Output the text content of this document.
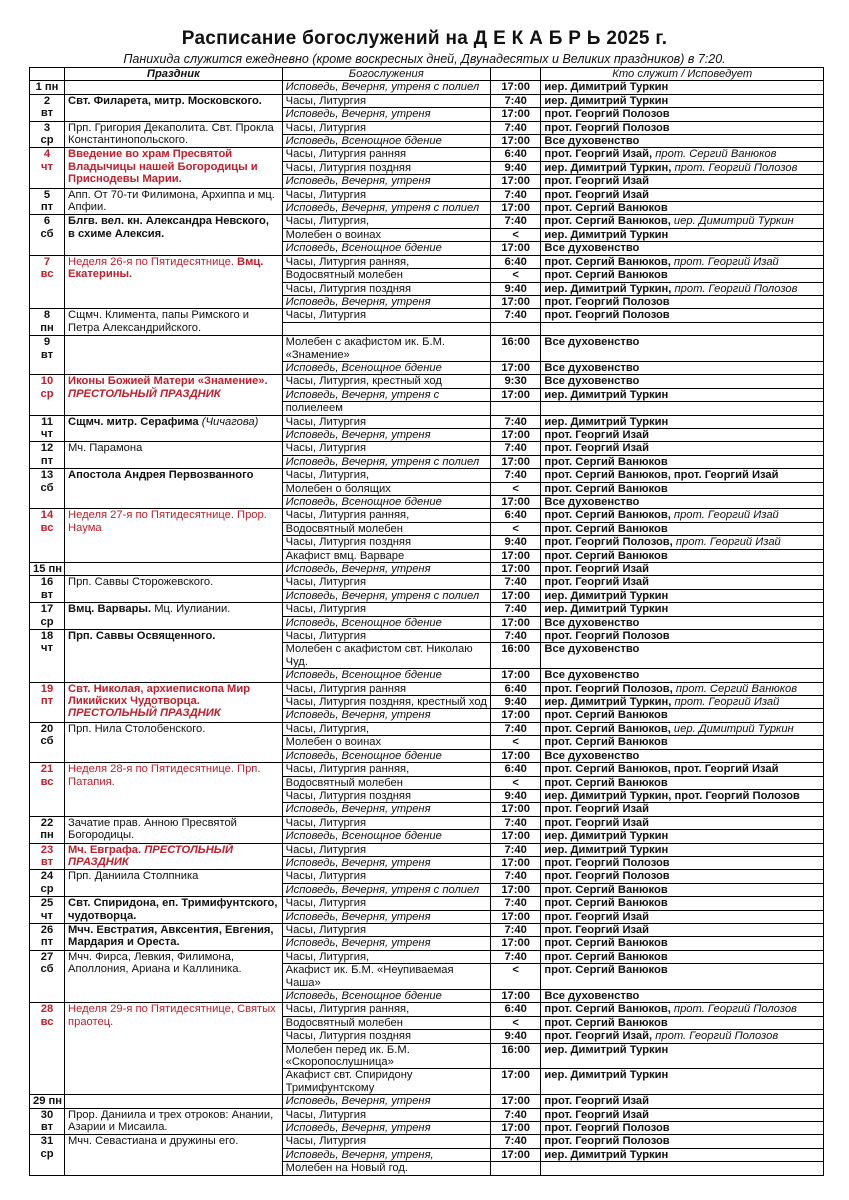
Расписание богослужений на Д Е К А Б Р Ь 2025 г.
Панихида служится ежедневно (кроме воскресных дней, Двунадесятых и Великих праздников) в 7:20.
	Праздник	Богослужения		Кто служит / Исповедует

1 пн		Исповедь, Вечерня, утреня с полиел	17:00	иер. Димитрий Туркин

2
вт	Свт. Филарета, митр. Московского.	Часы, Литургия	7:40	иер. Димитрий Туркин
		Исповедь, Вечерня, утреня	17:00	прот. Георгий Полозов

3
ср	Прп. Григория Декаполита. Свт. Прокла Константинопольского.	Часы, Литургия	7:40	прот. Георгий Полозов
		Исповедь, Всенощное бдение	17:00	Все духовенство

4
чт	Введение во храм Пресвятой Владычицы нашей Богородицы и Приснодевы Марии.	Часы, Литургия ранняя	6:40	прот. Георгий Изай, прот. Сергий Ванюков
		Часы, Литургия поздняя	9:40	иер. Димитрий Туркин, прот. Георгий Полозов
		Исповедь, Вечерня, утреня	17:00	прот. Георгий Изай

5
пт	Апп. От 70-ти Филимона, Архиппа и мц. Апфии.	Часы, Литургия	7:40	прот. Георгий Изай
		Исповедь, Вечерня, утреня с полиел	17:00	прот. Сергий Ванюков

6
сб	Блгв. вел. кн. Александра Невского, в схиме Алексия.	Часы, Литургия,	7:40	прот. Сергий Ванюков, иер. Димитрий Туркин
		Молебен о воинах	<	иер. Димитрий Туркин
		Исповедь, Всенощное бдение	17:00	Все духовенство

7
вс	Неделя 26-я по Пятидесятнице. Вмц. Екатерины.	Часы, Литургия ранняя,	6:40	прот. Сергий Ванюков, прот. Георгий Изай
		Водосвятный молебен	<	прот. Сергий Ванюков
		Часы, Литургия поздняя	9:40	иер. Димитрий Туркин, прот. Георгий Полозов
		Исповедь, Вечерня, утреня	17:00	прот. Георгий Полозов

8
пн	Сщмч. Климента, папы Римского и Петра Александрийского.	Часы, Литургия	7:40	прот. Георгий Полозов

9
вт		Молебен с акафистом ик. Б.М. «Знамение»	16:00	Все духовенство
		Исповедь, Всенощное бдение	17:00	Все духовенство

10
ср	Иконы Божией Матери «Знамение». ПРЕСТОЛЬНЫЙ ПРАЗДНИК	Часы, Литургия, крестный ход	9:30	Все духовенство
		Исповедь, Вечерня, утреня с	17:00	иер. Димитрий Туркин
		полиелеем		

11
чт	Сщмч. митр. Серафима (Чичагова)	Часы, Литургия	7:40	иер. Димитрий Туркин
		Исповедь, Вечерня, утреня	17:00	прот. Георгий Изай

12
пт	Мч. Парамона	Часы, Литургия	7:40	прот. Георгий Изай
		Исповедь, Вечерня, утреня с полиел	17:00	прот. Сергий Ванюков

13
сб	Апостола Андрея Первозванного	Часы, Литургия,	7:40	прот. Сергий Ванюков, прот. Георгий Изай
		Молебен о болящих	<	прот. Сергий Ванюков
		Исповедь, Всенощное бдение	17:00	Все духовенство

14
вс	Неделя 27-я по Пятидесятнице. Прор. Наума	Часы, Литургия ранняя,	6:40	прот. Сергий Ванюков, прот. Георгий Изай
		Водосвятный молебен	<	прот. Сергий Ванюков
		Часы, Литургия поздняя	9:40	прот. Георгий Полозов, прот. Георгий Изай
		Акафист вмц. Варваре	17:00	прот. Сергий Ванюков

15 пн		Исповедь, Вечерня, утреня	17:00	прот. Георгий Изай

16
вт	Прп. Саввы Сторожевского.	Часы, Литургия	7:40	прот. Георгий Изай
		Исповедь, Вечерня, утреня с полиел	17:00	иер. Димитрий Туркин

17
ср	Вмц. Варвары. Мц. Иулиании.	Часы, Литургия	7:40	иер. Димитрий Туркин
		Исповедь, Всенощное бдение	17:00	Все духовенство

18
чт	Прп. Саввы Освященного.	Часы, Литургия	7:40	прот. Георгий Полозов
		Молебен с акафистом свт. Николаю Чуд.	16:00	Все духовенство
		Исповедь, Всенощное бдение	17:00	Все духовенство

19
пт	Свт. Николая, архиепископа Мир Ликийских Чудотворца. ПРЕСТОЛЬНЫЙ ПРАЗДНИК	Часы, Литургия ранняя	6:40	прот. Георгий Полозов, прот. Сергий Ванюков
		Часы, Литургия поздняя, крестный ход	9:40	иер. Димитрий Туркин, прот. Георгий Изай
		Исповедь, Вечерня, утреня	17:00	прот. Сергий Ванюков

20
сб	Прп. Нила Столобенского.	Часы, Литургия,	7:40	прот. Сергий Ванюков, иер. Димитрий Туркин
		Молебен о воинах	<	прот. Сергий Ванюков
		Исповедь, Всенощное бдение	17:00	Все духовенство

21
вс	Неделя 28-я по Пятидесятнице. Прп. Патапия.	Часы, Литургия ранняя,	6:40	прот. Сергий Ванюков, прот. Георгий Изай
		Водосвятный молебен	<	прот. Сергий Ванюков
		Часы, Литургия поздняя	9:40	иер. Димитрий Туркин, прот. Георгий Полозов
		Исповедь, Вечерня, утреня	17:00	прот. Георгий Изай

22
пн	Зачатие прав. Анною Пресвятой Богородицы.	Часы, Литургия	7:40	прот. Георгий Изай
		Исповедь, Всенощное бдение	17:00	иер. Димитрий Туркин

23
вт	Мч. Евграфа. ПРЕСТОЛЬНЫЙ ПРАЗДНИК	Часы, Литургия	7:40	иер. Димитрий Туркин
		Исповедь, Вечерня, утреня	17:00	прот. Георгий Полозов

24
ср	Прп. Даниила Столпника	Часы, Литургия	7:40	прот. Георгий Полозов
		Исповедь, Вечерня, утреня с полиел	17:00	прот. Сергий Ванюков

25
чт	Свт. Спиридона, еп. Тримифунтского, чудотворца.	Часы, Литургия	7:40	прот. Сергий Ванюков
		Исповедь, Вечерня, утреня	17:00	прот. Георгий Изай

26
пт	Мчч. Евстратия, Авксентия, Евгения, Мардария и Ореста.	Часы, Литургия	7:40	прот. Георгий Изай
		Исповедь, Вечерня, утреня	17:00	прот. Сергий Ванюков

27
сб	Мчч. Фирса, Левкия, Филимона, Аполлония, Ариана и Каллиника.	Часы, Литургия,	7:40	прот. Сергий Ванюков
		Акафист ик. Б.М. «Неупиваемая Чаша»	<	прот. Сергий Ванюков
		Исповедь, Всенощное бдение	17:00	Все духовенство

28
вс	Неделя 29-я по Пятидесятнице, Святых праотец.	Часы, Литургия ранняя,	6:40	прот. Сергий Ванюков, прот. Георгий Полозов
		Водосвятный молебен	<	прот. Сергий Ванюков
		Часы, Литургия поздняя	9:40	прот. Георгий Изай, прот. Георгий Полозов
		Молебен перед ик. Б.М. «Скоропослушница»	16:00	иер. Димитрий Туркин
		Акафист свт. Спиридону Тримифунтскому	17:00	иер. Димитрий Туркин

29 пн		Исповедь, Вечерня, утреня	17:00	прот. Георгий Изай

30
вт	Прор. Даниила и трех отроков: Анании, Азарии и Мисаила.	Часы, Литургия	7:40	прот. Георгий Изай
		Исповедь, Вечерня, утреня	17:00	прот. Георгий Полозов

31
ср	Мчч. Севастиана и дружины его.	Часы, Литургия	7:40	прот. Георгий Полозов
		Исповедь, Вечерня, утреня,	17:00	иер. Димитрий Туркин
		Молебен на Новый год.		
